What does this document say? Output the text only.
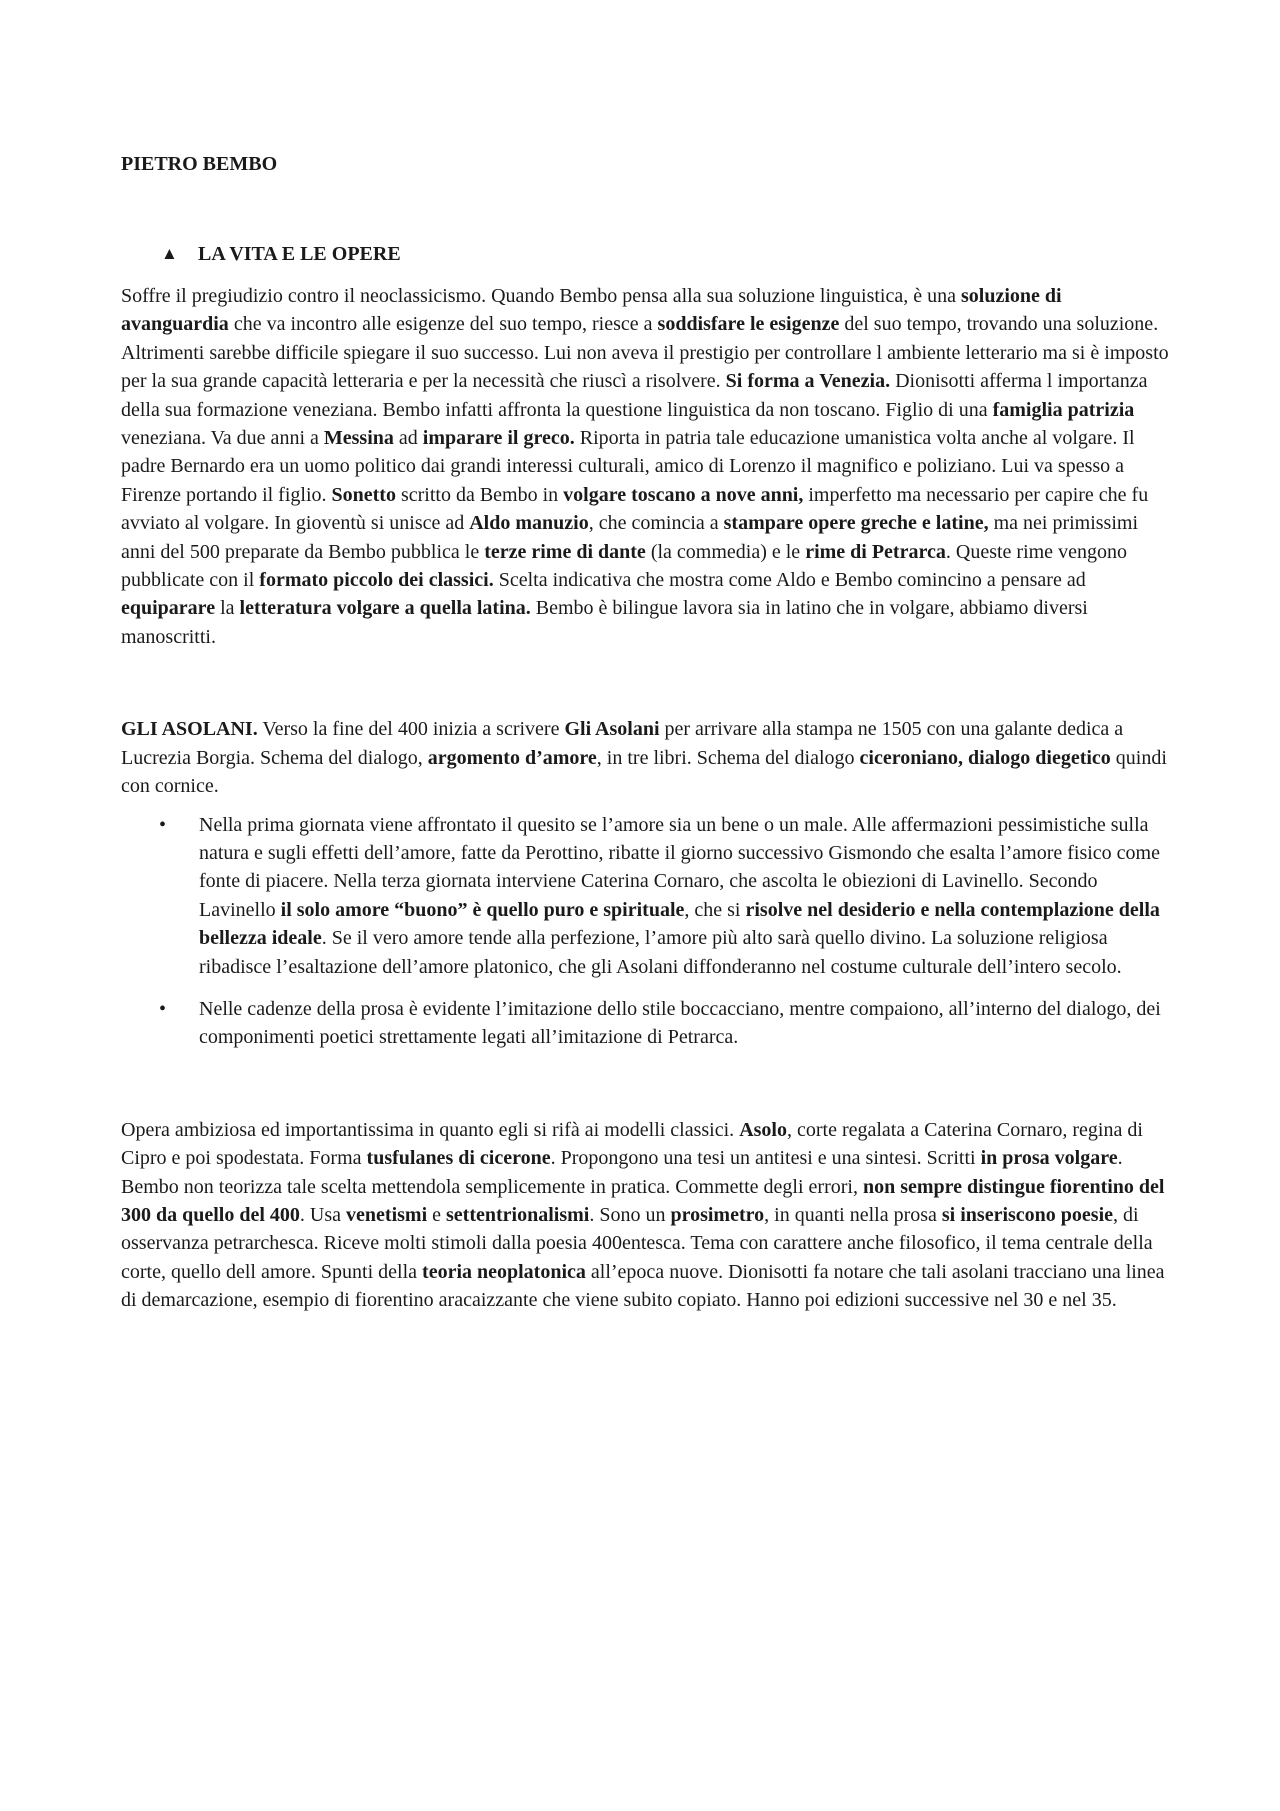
PIETRO BEMBO

▲	LA VITA E LE OPERE

Soffre il pregiudizio contro il neoclassicismo. Quando Bembo pensa alla sua soluzione linguistica, è una soluzione di avanguardia che va incontro alle esigenze del suo tempo, riesce a soddisfare le esigenze del suo tempo, trovando una soluzione. Altrimenti sarebbe difficile spiegare il suo successo. Lui non aveva il prestigio per controllare l ambiente letterario ma si è imposto per la sua grande capacità letteraria e per la necessità che riuscì a risolvere. Si forma a Venezia. Dionisotti afferma l importanza della sua formazione veneziana. Bembo infatti affronta la questione linguistica da non toscano. Figlio di una famiglia patrizia veneziana. Va due anni a Messina ad imparare il greco. Riporta in patria tale educazione umanistica volta anche al volgare. Il padre Bernardo era un uomo politico dai grandi interessi culturali, amico di Lorenzo il magnifico e poliziano. Lui va spesso a Firenze portando il figlio. Sonetto scritto da Bembo in volgare toscano a nove anni, imperfetto ma necessario per capire che fu avviato al volgare. In gioventù si unisce ad Aldo manuzio, che comincia a stampare opere greche e latine, ma nei primissimi anni del 500 preparate da Bembo pubblica le terze rime di dante (la commedia) e le rime di Petrarca. Queste rime vengono pubblicate con il formato piccolo dei classici. Scelta indicativa che mostra come Aldo e Bembo comincino a pensare ad equiparare la letteratura volgare a quella latina. Bembo è bilingue lavora sia in latino che in volgare, abbiamo diversi manoscritti.

GLI ASOLANI. Verso la fine del 400 inizia a scrivere Gli Asolani per arrivare alla stampa ne 1505 con una galante dedica a Lucrezia Borgia. Schema del dialogo, argomento d’amore, in tre libri. Schema del dialogo ciceroniano, dialogo diegetico quindi con cornice.

• Nella prima giornata viene affrontato il quesito se l’amore sia un bene o un male. Alle affermazioni pessimistiche sulla natura e sugli effetti dell’amore, fatte da Perottino, ribatte il giorno successivo Gismondo che esalta l’amore fisico come fonte di piacere. Nella terza giornata interviene Caterina Cornaro, che ascolta le obiezioni di Lavinello. Secondo Lavinello il solo amore “buono” è quello puro e spirituale, che si risolve nel desiderio e nella contemplazione della bellezza ideale. Se il vero amore tende alla perfezione, l’amore più alto sarà quello divino. La soluzione religiosa ribadisce l’esaltazione dell’amore platonico, che gli Asolani diffonderanno nel costume culturale dell’intero secolo.
• Nelle cadenze della prosa è evidente l’imitazione dello stile boccacciano, mentre compaiono, all’interno del dialogo, dei componimenti poetici strettamente legati all’imitazione di Petrarca.

Opera ambiziosa ed importantissima in quanto egli si rifà ai modelli classici. Asolo, corte regalata a Caterina Cornaro, regina di Cipro e poi spodestata. Forma tusfulanes di cicerone. Propongono una tesi un antitesi e una sintesi. Scritti in prosa volgare. Bembo non teorizza tale scelta mettendola semplicemente in pratica. Commette degli errori, non sempre distingue fiorentino del 300 da quello del 400. Usa venetismi e settentrionalismi. Sono un prosimetro, in quanti nella prosa si inseriscono poesie, di osservanza petrarchesca. Riceve molti stimoli dalla poesia 400entesca. Tema con carattere anche filosofico, il tema centrale della corte, quello dell amore. Spunti della teoria neoplatonica all’epoca nuove. Dionisotti fa notare che tali asolani tracciano una linea di demarcazione, esempio di fiorentino aracaizzante che viene subito copiato. Hanno poi edizioni successive nel 30 e nel 35.
